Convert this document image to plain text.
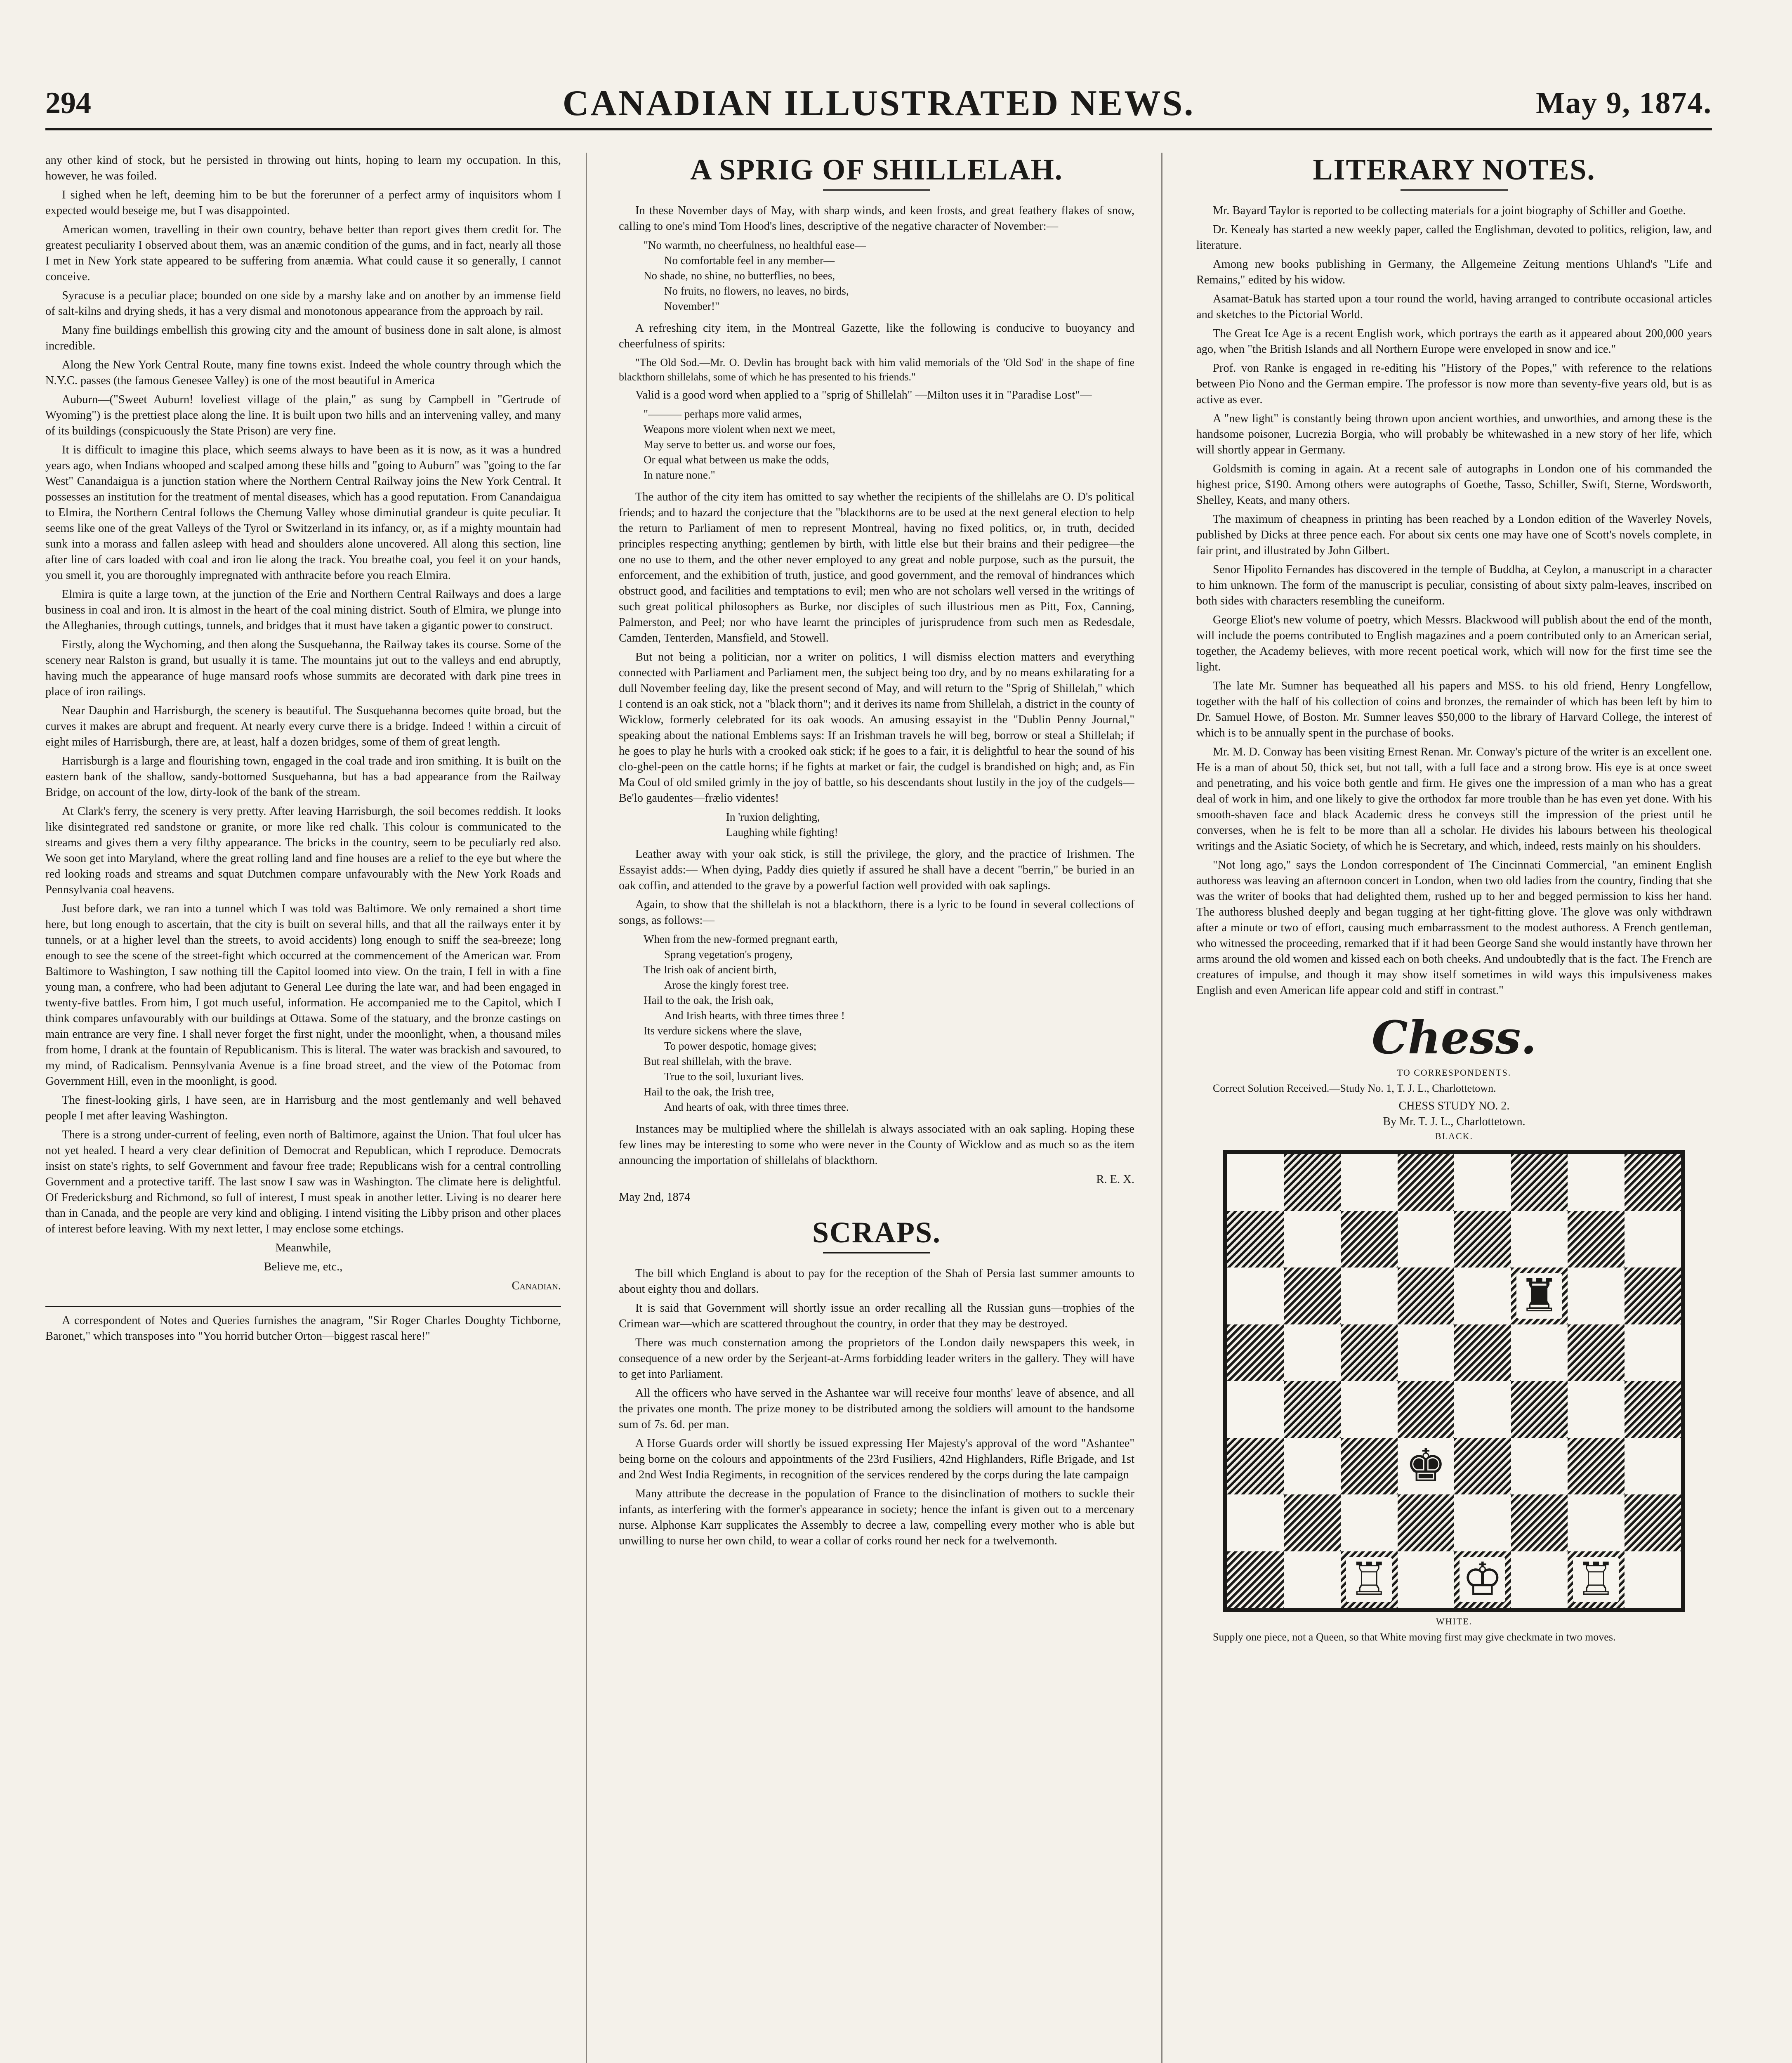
294	CANADIAN ILLUSTRATED NEWS.	May 9, 1874.

any other kind of stock, but he persisted in throwing out hints, hoping to learn my occupation. In this, however, he was foiled.

I sighed when he left, deeming him to be but the forerunner of a perfect army of inquisitors whom I expected would beseige me, but I was disappointed.

American women, travelling in their own country, behave better than report gives them credit for. The greatest peculiarity I observed about them, was an anæmic condition of the gums, and in fact, nearly all those I met in New York state appeared to be suffering from anæmia. What could cause it so generally, I cannot conceive.

Syracuse is a peculiar place; bounded on one side by a marshy lake and on another by an immense field of salt-kilns and drying sheds, it has a very dismal and monotonous appearance from the approach by rail.

Many fine buildings embellish this growing city and the amount of business done in salt alone, is almost incredible.

Along the New York Central Route, many fine towns exist. Indeed the whole country through which the N.Y.C. passes (the famous Genesee Valley) is one of the most beautiful in America

Auburn—("Sweet Auburn! loveliest village of the plain," as sung by Campbell in "Gertrude of Wyoming") is the prettiest place along the line. It is built upon two hills and an intervening valley, and many of its buildings (conspicuously the State Prison) are very fine.

It is difficult to imagine this place, which seems always to have been as it is now, as it was a hundred years ago, when Indians whooped and scalped among these hills and "going to Auburn" was "going to the far West" Canandaigua is a junction station where the Northern Central Railway joins the New York Central. It possesses an institution for the treatment of mental diseases, which has a good reputation. From Canandaigua to Elmira, the Northern Central follows the Chemung Valley whose diminutial grandeur is quite peculiar. It seems like one of the great Valleys of the Tyrol or Switzerland in its infancy, or, as if a mighty mountain had sunk into a morass and fallen asleep with head and shoulders alone uncovered. All along this section, line after line of cars loaded with coal and iron lie along the track. You breathe coal, you feel it on your hands, you smell it, you are thoroughly impregnated with anthracite before you reach Elmira.

Elmira is quite a large town, at the junction of the Erie and Northern Central Railways and does a large business in coal and iron. It is almost in the heart of the coal mining district. South of Elmira, we plunge into the Alleghanies, through cuttings, tunnels, and bridges that it must have taken a gigantic power to construct.

Firstly, along the Wychoming, and then along the Susquehanna, the Railway takes its course. Some of the scenery near Ralston is grand, but usually it is tame. The mountains jut out to the valleys and end abruptly, having much the appearance of huge mansard roofs whose summits are decorated with dark pine trees in place of iron railings.

Near Dauphin and Harrisburgh, the scenery is beautiful. The Susquehanna becomes quite broad, but the curves it makes are abrupt and frequent. At nearly every curve there is a bridge. Indeed ! within a circuit of eight miles of Harrisburgh, there are, at least, half a dozen bridges, some of them of great length.

Harrisburgh is a large and flourishing town, engaged in the coal trade and iron smithing. It is built on the eastern bank of the shallow, sandy-bottomed Susquehanna, but has a bad appearance from the Railway Bridge, on account of the low, dirty-look of the bank of the stream.

At Clark's ferry, the scenery is very pretty. After leaving Harrisburgh, the soil becomes reddish. It looks like disintegrated red sandstone or granite, or more like red chalk. This colour is communicated to the streams and gives them a very filthy appearance. The bricks in the country, seem to be peculiarly red also. We soon get into Maryland, where the great rolling land and fine houses are a relief to the eye but where the red looking roads and streams and squat Dutchmen compare unfavourably with the New York Roads and Pennsylvania coal heavens.

Just before dark, we ran into a tunnel which I was told was Baltimore. We only remained a short time here, but long enough to ascertain, that the city is built on several hills, and that all the railways enter it by tunnels, or at a higher level than the streets, to avoid accidents) long enough to sniff the sea-breeze; long enough to see the scene of the street-fight which occurred at the commencement of the American war. From Baltimore to Washington, I saw nothing till the Capitol loomed into view. On the train, I fell in with a fine young man, a confrere, who had been adjutant to General Lee during the late war, and had been engaged in twenty-five battles. From him, I got much useful, information. He accompanied me to the Capitol, which I think compares unfavourably with our buildings at Ottawa. Some of the statuary, and the bronze castings on main entrance are very fine. I shall never forget the first night, under the moonlight, when, a thousand miles from home, I drank at the fountain of Republicanism. This is literal. The water was brackish and savoured, to my mind, of Radicalism. Pennsylvania Avenue is a fine broad street, and the view of the Potomac from Government Hill, even in the moonlight, is good.

The finest-looking girls, I have seen, are in Harrisburg and the most gentlemanly and well behaved people I met after leaving Washington.

There is a strong under-current of feeling, even north of Baltimore, against the Union. That foul ulcer has not yet healed. I heard a very clear definition of Democrat and Republican, which I reproduce. Democrats insist on state's rights, to self Government and favour free trade; Republicans wish for a central controlling Government and a protective tariff. The last snow I saw was in Washington. The climate here is delightful. Of Fredericksburg and Richmond, so full of interest, I must speak in another letter. Living is no dearer here than in Canada, and the people are very kind and obliging. I intend visiting the Libby prison and other places of interest before leaving. With my next letter, I may enclose some etchings.

Meanwhile,
Believe me, etc.,
Canadian.

A correspondent of Notes and Queries furnishes the anagram, "Sir Roger Charles Doughty Tichborne, Baronet," which transposes into "You horrid butcher Orton—biggest rascal here!"

A SPRIG OF SHILLELAH.

In these November days of May, with sharp winds, and keen frosts, and great feathery flakes of snow, calling to one's mind Tom Hood's lines, descriptive of the negative character of November:—

"No warmth, no cheerfulness, no healthful ease—
No comfortable feel in any member—
No shade, no shine, no butterflies, no bees,
No fruits, no flowers, no leaves, no birds,
November!"

A refreshing city item, in the Montreal Gazette, like the following is conducive to buoyancy and cheerfulness of spirits:

"The Old Sod.—Mr. O. Devlin has brought back with him valid memorials of the 'Old Sod' in the shape of fine blackthorn shillelahs, some of which he has presented to his friends."

Valid is a good word when applied to a "sprig of Shillelah" —Milton uses it in "Paradise Lost"—

"——— perhaps more valid armes,
Weapons more violent when next we meet,
May serve to better us. and worse our foes,
Or equal what between us make the odds,
In nature none."

The author of the city item has omitted to say whether the recipients of the shillelahs are O. D's political friends; and to hazard the conjecture that the "blackthorns are to be used at the next general election to help the return to Parliament of men to represent Montreal, having no fixed politics, or, in truth, decided principles respecting anything; gentlemen by birth, with little else but their brains and their pedigree—the one no use to them, and the other never employed to any great and noble purpose, such as the pursuit, the enforcement, and the exhibition of truth, justice, and good government, and the removal of hindrances which obstruct good, and facilities and temptations to evil; men who are not scholars well versed in the writings of such great political philosophers as Burke, nor disciples of such illustrious men as Pitt, Fox, Canning, Palmerston, and Peel; nor who have learnt the principles of jurisprudence from such men as Redesdale, Camden, Tenterden, Mansfield, and Stowell.

But not being a politician, nor a writer on politics, I will dismiss election matters and everything connected with Parliament and Parliament men, the subject being too dry, and by no means exhilarating for a dull November feeling day, like the present second of May, and will return to the "Sprig of Shillelah," which I contend is an oak stick, not a "black thorn"; and it derives its name from Shillelah, a district in the county of Wicklow, formerly celebrated for its oak woods. An amusing essayist in the "Dublin Penny Journal," speaking about the national Emblems says: If an Irishman travels he will beg, borrow or steal a Shillelah; if he goes to play he hurls with a crooked oak stick; if he goes to a fair, it is delightful to hear the sound of his clo-ghel-peen on the cattle horns; if he fights at market or fair, the cudgel is brandished on high; and, as Fin Ma Coul of old smiled grimly in the joy of battle, so his descendants shout lustily in the joy of the cudgels—Be'lo gaudentes—frælio videntes!

In 'ruxion delighting,
Laughing while fighting!

Leather away with your oak stick, is still the privilege, the glory, and the practice of Irishmen. The Essayist adds:— When dying, Paddy dies quietly if assured he shall have a decent "berrin," be buried in an oak coffin, and attended to the grave by a powerful faction well provided with oak saplings.

Again, to show that the shillelah is not a blackthorn, there is a lyric to be found in several collections of songs, as follows:—

When from the new-formed pregnant earth,
Sprang vegetation's progeny,
The Irish oak of ancient birth,
Arose the kingly forest tree.
Hail to the oak, the Irish oak,
And Irish hearts, with three times three !
Its verdure sickens where the slave,
To power despotic, homage gives;
But real shillelah, with the brave.
True to the soil, luxuriant lives.
Hail to the oak, the Irish tree,
And hearts of oak, with three times three.

Instances may be multiplied where the shillelah is always associated with an oak sapling. Hoping these few lines may be interesting to some who were never in the County of Wicklow and as much so as the item announcing the importation of shillelahs of blackthorn.

R. E. X.
May 2nd, 1874
SCRAPS.

The bill which England is about to pay for the reception of the Shah of Persia last summer amounts to about eighty thou and dollars.

It is said that Government will shortly issue an order recalling all the Russian guns—trophies of the Crimean war—which are scattered throughout the country, in order that they may be destroyed.

There was much consternation among the proprietors of the London daily newspapers this week, in consequence of a new order by the Serjeant-at-Arms forbidding leader writers in the gallery. They will have to get into Parliament.

All the officers who have served in the Ashantee war will receive four months' leave of absence, and all the privates one month. The prize money to be distributed among the soldiers will amount to the handsome sum of 7s. 6d. per man.

A Horse Guards order will shortly be issued expressing Her Majesty's approval of the word "Ashantee" being borne on the colours and appointments of the 23rd Fusiliers, 42nd Highlanders, Rifle Brigade, and 1st and 2nd West India Regiments, in recognition of the services rendered by the corps during the late campaign

Many attribute the decrease in the population of France to the disinclination of mothers to suckle their infants, as interfering with the former's appearance in society; hence the infant is given out to a mercenary nurse. Alphonse Karr supplicates the Assembly to decree a law, compelling every mother who is able but unwilling to nurse her own child, to wear a collar of corks round her neck for a twelvemonth.

LITERARY NOTES.

Mr. Bayard Taylor is reported to be collecting materials for a joint biography of Schiller and Goethe.

Dr. Kenealy has started a new weekly paper, called the Englishman, devoted to politics, religion, law, and literature.

Among new books publishing in Germany, the Allgemeine Zeitung mentions Uhland's "Life and Remains," edited by his widow.

Asamat-Batuk has started upon a tour round the world, having arranged to contribute occasional articles and sketches to the Pictorial World.

The Great Ice Age is a recent English work, which portrays the earth as it appeared about 200,000 years ago, when "the British Islands and all Northern Europe were enveloped in snow and ice."

Prof. von Ranke is engaged in re-editing his "History of the Popes," with reference to the relations between Pio Nono and the German empire. The professor is now more than seventy-five years old, but is as active as ever.

A "new light" is constantly being thrown upon ancient worthies, and unworthies, and among these is the handsome poisoner, Lucrezia Borgia, who will probably be whitewashed in a new story of her life, which will shortly appear in Germany.

Goldsmith is coming in again. At a recent sale of autographs in London one of his commanded the highest price, $190. Among others were autographs of Goethe, Tasso, Schiller, Swift, Sterne, Wordsworth, Shelley, Keats, and many others.

The maximum of cheapness in printing has been reached by a London edition of the Waverley Novels, published by Dicks at three pence each. For about six cents one may have one of Scott's novels complete, in fair print, and illustrated by John Gilbert.

Senor Hipolito Fernandes has discovered in the temple of Buddha, at Ceylon, a manuscript in a character to him unknown. The form of the manuscript is peculiar, consisting of about sixty palm-leaves, inscribed on both sides with characters resembling the cuneiform.

George Eliot's new volume of poetry, which Messrs. Blackwood will publish about the end of the month, will include the poems contributed to English magazines and a poem contributed only to an American serial, together, the Academy believes, with more recent poetical work, which will now for the first time see the light.

The late Mr. Sumner has bequeathed all his papers and MSS. to his old friend, Henry Longfellow, together with the half of his collection of coins and bronzes, the remainder of which has been left by him to Dr. Samuel Howe, of Boston. Mr. Sumner leaves $50,000 to the library of Harvard College, the interest of which is to be annually spent in the purchase of books.

Mr. M. D. Conway has been visiting Ernest Renan. Mr. Conway's picture of the writer is an excellent one. He is a man of about 50, thick set, but not tall, with a full face and a strong brow. His eye is at once sweet and penetrating, and his voice both gentle and firm. He gives one the impression of a man who has a great deal of work in him, and one likely to give the orthodox far more trouble than he has even yet done. With his smooth-shaven face and black Academic dress he conveys still the impression of the priest until he converses, when he is felt to be more than all a scholar. He divides his labours between his theological writings and the Asiatic Society, of which he is Secretary, and which, indeed, rests mainly on his shoulders.

"Not long ago," says the London correspondent of The Cincinnati Commercial, "an eminent English authoress was leaving an afternoon concert in London, when two old ladies from the country, finding that she was the writer of books that had delighted them, rushed up to her and begged permission to kiss her hand. The authoress blushed deeply and began tugging at her tight-fitting glove. The glove was only withdrawn after a minute or two of effort, causing much embarrassment to the modest authoress. A French gentleman, who witnessed the proceeding, remarked that if it had been George Sand she would instantly have thrown her arms around the old women and kissed each on both cheeks. And undoubtedly that is the fact. The French are creatures of impulse, and though it may show itself sometimes in wild ways this impulsiveness makes English and even American life appear cold and stiff in contrast."

Chess.
TO CORRESPONDENTS.

Correct Solution Received.—Study No. 1, T. J. L., Charlottetown.

CHESS STUDY NO. 2.
By Mr. T. J. L., Charlottetown.
BLACK.
♜
♚
♖ ♔ ♖
WHITE.

Supply one piece, not a Queen, so that White moving first may give checkmate in two moves.
